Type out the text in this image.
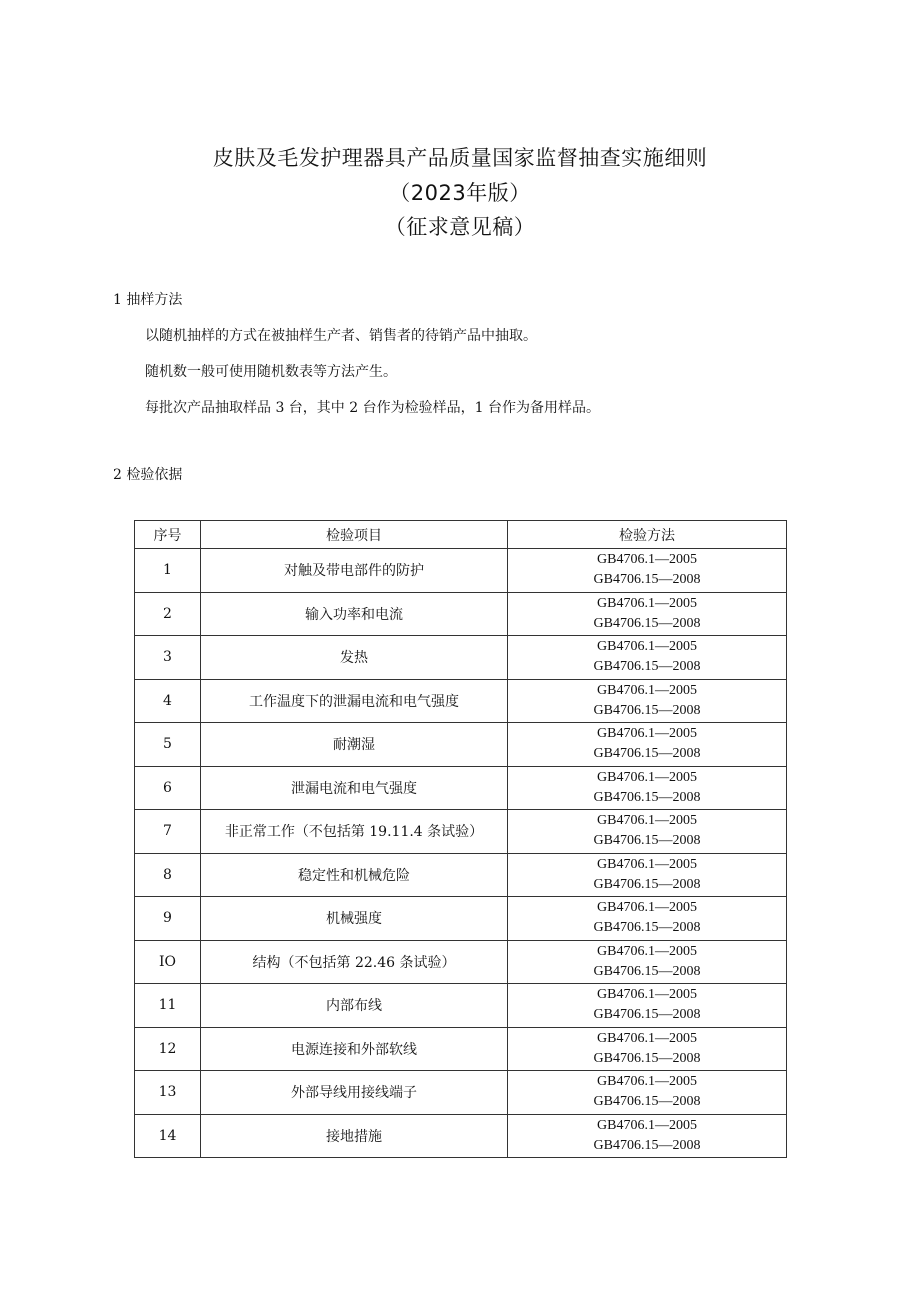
皮肤及毛发护理器具产品质量国家监督抽查实施细则
（2023年版）
（征求意见稿）
1 抽样方法
以随机抽样的方式在被抽样生产者、销售者的待销产品中抽取。
随机数一般可使用随机数表等方法产生。
每批次产品抽取样品 3 台，其中 2 台作为检验样品，1 台作为备用样品。
2 检验依据
序号	检验项目	检验方法
1	对触及带电部件的防护	GB4706.1—2005
GB4706.15—2008

2	输入功率和电流	GB4706.1—2005
GB4706.15—2008

3	发热	GB4706.1—2005
GB4706.15—2008

4	工作温度下的泄漏电流和电气强度	GB4706.1—2005
GB4706.15—2008

5	耐潮湿	GB4706.1—2005
GB4706.15—2008

6	泄漏电流和电气强度	GB4706.1—2005
GB4706.15—2008

7	非正常工作（不包括第 19.11.4 条试验）	GB4706.1—2005
GB4706.15—2008

8	稳定性和机械危险	GB4706.1—2005
GB4706.15—2008

9	机械强度	GB4706.1—2005
GB4706.15—2008

IO	结构（不包括第 22.46 条试验）	GB4706.1—2005
GB4706.15—2008

11	内部布线	GB4706.1—2005
GB4706.15—2008

12	电源连接和外部软线	GB4706.1—2005
GB4706.15—2008

13	外部导线用接线端子	GB4706.1—2005
GB4706.15—2008

14	接地措施	GB4706.1—2005
GB4706.15—2008
